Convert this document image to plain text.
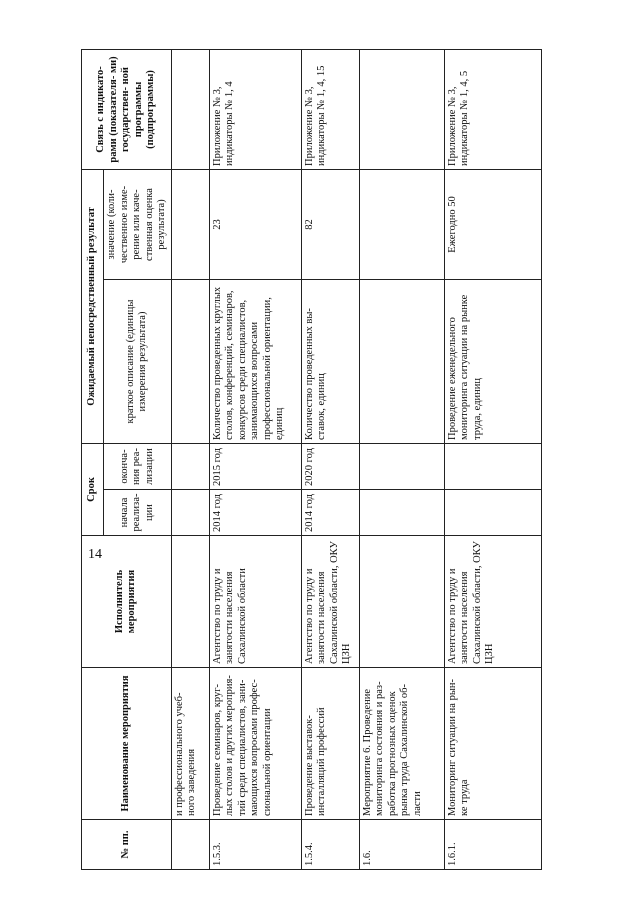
14
№ пп.	Наименование мероприятия	Исполнитель мероприятия	Срок		Ожидаемый непосредственный результат		Связь с индикато- рами (показателя- ми) государствен- ной программы (подпрограммы)
			начала реализа- ции	оконча- ния реа- лизации	краткое описание (единицы измерения результата)	значение (коли- чественное изме- рение или каче- ственная оценка результата)	
	и профессионального учеб- ного заведения						
1.5.3.	Проведение семинаров, круг- лых столов и других мероприя- тий среди специалистов, зани- мающихся вопросами профес- сиональной ориентации	Агентство по труду и занятости населения Сахалинской области	2014 год	2015 год	Количество проведенных круглых столов, конференций, семинаров, конкурсов среди специалистов, занимающихся вопросами профессиональной ориентации, единиц	23	Приложение № 3, индикаторы № 1, 4
1.5.4.	Проведение выставок- инсталляций профессий	Агентство по труду и занятости населения Сахалинской области, ОКУ ЦЗН	2014 год	2020 год	Количество проведенных вы- ставок, единиц	82	Приложение № 3, индикаторы № 1, 4, 15
1.6.	Мероприятие 6. Проведение мониторинга состояния и раз- работка прогнозных оценок рынка труда Сахалинской об- ласти						
1.6.1.	Мониторинг ситуации на рын- ке труда	Агентство по труду и занятости населения Сахалинской области, ОКУ ЦЗН			Проведение еженедельного мониторинга ситуации на рынке труда, единиц	Ежегодно 50	Приложение № 3, индикаторы № 1, 4, 5
